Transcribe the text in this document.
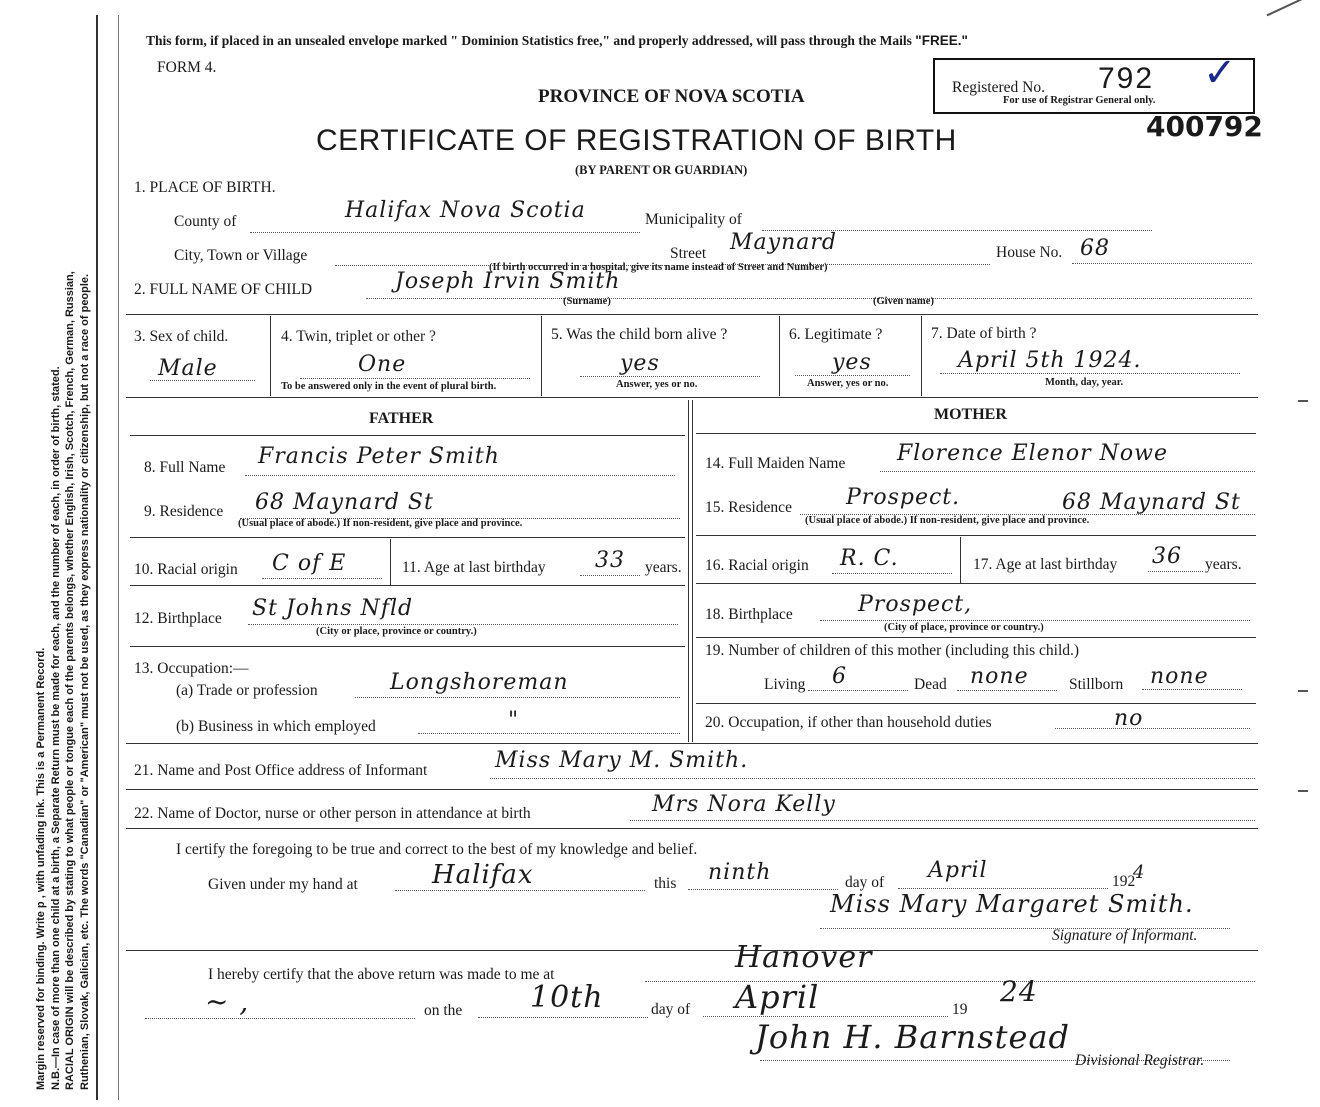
Margin reserved for binding. Write p , with unfading ink. This is a Permanent Record. N.B.—In case of more than one child at a birth, a Separate Return must be made for each, and the number of each, in order of birth, stated. RACIAL ORIGIN will be described by stating to what people or tongue each of the parents belongs, whether English, Irish, Scotch, French, German, Russian, Ruthenian, Slovak, Galician, etc. The words "Canadian" or "American" must not be used, as they express nationality or citizenship, but not a race of people.
This form, if placed in an unsealed envelope marked " Dominion Statistics free," and properly addressed, will pass through the Mails "FREE."
FORM 4.
PROVINCE OF NOVA SCOTIA
CERTIFICATE OF REGISTRATION OF BIRTH
(BY PARENT OR GUARDIAN)
Registered No. 792
For use of Registrar General only.
✓
400792
1. PLACE OF BIRTH.
County of	Halifax Nova Scotia	Municipality of
City, Town or Village	Street Maynard	House No. 68
(If birth occurred in a hospital, give its name instead of Street and Number)
2. FULL NAME OF CHILD	Joseph Irvin Smith
(Surname)	(Given name)
3. Sex of child.
Male
4. Twin, triplet or other ?
One
To be answered only in the event of plural birth.
5. Was the child born alive ?
yes
Answer, yes or no.
6. Legitimate ?
yes
Answer, yes or no.
7. Date of birth ?
April 5th 1924.
Month, day, year.
FATHER	MOTHER
8. Full Name Francis Peter Smith
9. Residence 68 Maynard St
(Usual place of abode.) If non-resident, give place and province.
10. Racial origin C of E	11. Age at last birthday 33 years.
12. Birthplace St Johns Nfld
(City or place, province or country.)
13. Occupation:—
(a) Trade or profession	Longshoreman
(b) Business in which employed	"
14. Full Maiden Name Florence Elenor Nowe
15. Residence Prospect.	68 Maynard St
(Usual place of abode.) If non-resident, give place and province.
16. Racial origin R. C.	17. Age at last birthday 36 years.
18. Birthplace	Prospect,
(City of place, province or country.)
19. Number of children of this mother (including this child.)
Living 6	Dead none	Stillborn none
20. Occupation, if other than household duties	no
21. Name and Post Office address of Informant	Miss Mary M. Smith.
22. Name of Doctor, nurse or other person in attendance at birth	Mrs Nora Kelly
I certify the foregoing to be true and correct to the best of my knowledge and belief.
Given under my hand at	Halifax	this ninth	day of April	192
4
Miss Mary Margaret Smith.
Signature of Informant.
I hereby certify that the above return was made to me at	Hanover
~ ,	on the 10th	day of April	19
24
John H. Barnstead
Divisional Registrar.
